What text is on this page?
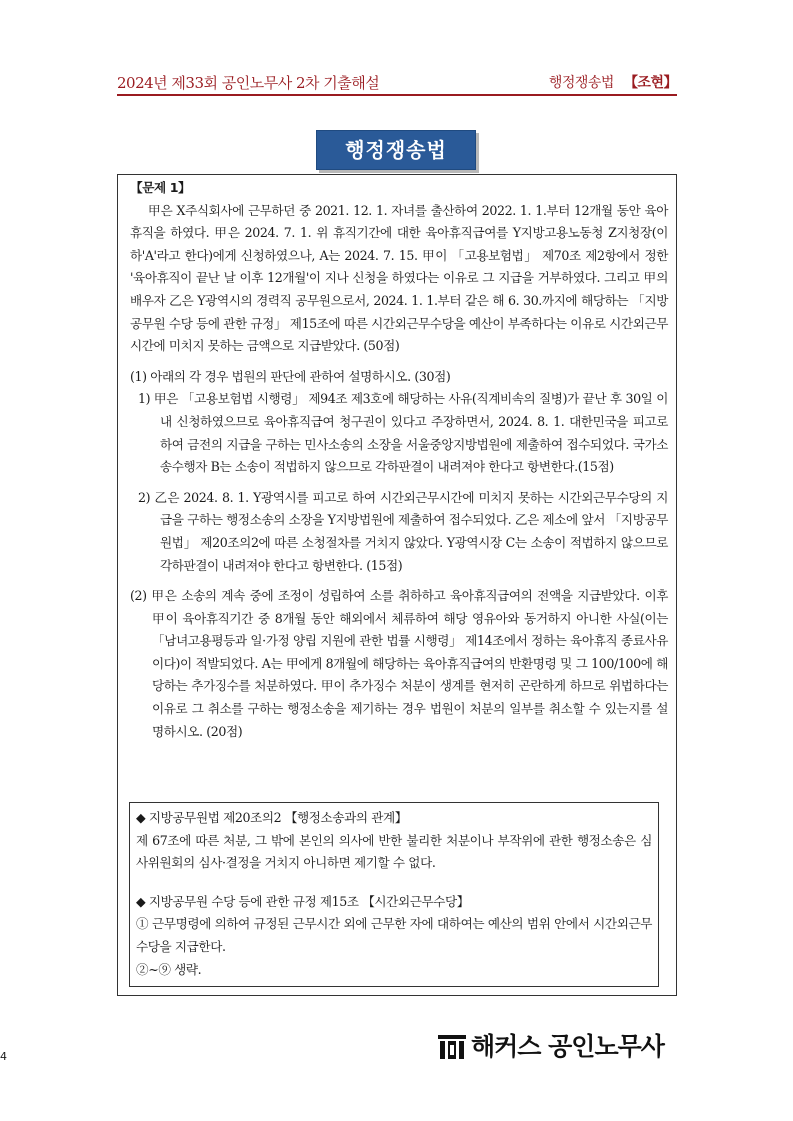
2024년 제33회 공인노무사 2차 기출해설	행정쟁송법 【조현】
행정쟁송법
【문제 1】

甲은 X주식회사에 근무하던 중 2021. 12. 1. 자녀를 출산하여 2022. 1. 1.부터 12개월 동안 육아휴직을 하였다. 甲은 2024. 7. 1. 위 휴직기간에 대한 육아휴직급여를 Y지방고용노동청 Z지청장(이하'A'라고 한다)에게 신청하였으나, A는 2024. 7. 15. 甲이 「고용보험법」 제70조 제2항에서 정한 '육아휴직이 끝난 날 이후 12개월'이 지나 신청을 하였다는 이유로 그 지급을 거부하였다. 그리고 甲의 배우자 乙은 Y광역시의 경력직 공무원으로서, 2024. 1. 1.부터 같은 해 6. 30.까지에 해당하는 「지방공무원 수당 등에 관한 규정」 제15조에 따른 시간외근무수당을 예산이 부족하다는 이유로 시간외근무시간에 미치지 못하는 금액으로 지급받았다. (50점)

(1) 아래의 각 경우 법원의 판단에 관하여 설명하시오. (30점)

1) 甲은 「고용보험법 시행령」 제94조 제3호에 해당하는 사유(직계비속의 질병)가 끝난 후 30일 이내 신청하였으므로 육아휴직급여 청구권이 있다고 주장하면서, 2024. 8. 1. 대한민국을 피고로 하여 금전의 지급을 구하는 민사소송의 소장을 서울중앙지방법원에 제출하여 접수되었다. 국가소송수행자 B는 소송이 적법하지 않으므로 각하판결이 내려져야 한다고 항변한다.(15점)

2) 乙은 2024. 8. 1. Y광역시를 피고로 하여 시간외근무시간에 미치지 못하는 시간외근무수당의 지급을 구하는 행정소송의 소장을 Y지방법원에 제출하여 접수되었다. 乙은 제소에 앞서 「지방공무원법」 제20조의2에 따른 소청절차를 거치지 않았다. Y광역시장 C는 소송이 적법하지 않으므로 각하판결이 내려져야 한다고 항변한다. (15점)

(2) 甲은 소송의 계속 중에 조정이 성립하여 소를 취하하고 육아휴직급여의 전액을 지급받았다. 이후 甲이 육아휴직기간 중 8개월 동안 해외에서 체류하여 해당 영유아와 동거하지 아니한 사실(이는 「남녀고용평등과 일·가정 양립 지원에 관한 법률 시행령」 제14조에서 정하는 육아휴직 종료사유이다)이 적발되었다. A는 甲에게 8개월에 해당하는 육아휴직급여의 반환명령 및 그 100/100에 해당하는 추가징수를 처분하였다. 甲이 추가징수 처분이 생계를 현저히 곤란하게 하므로 위법하다는 이유로 그 취소를 구하는 행정소송을 제기하는 경우 법원이 처분의 일부를 취소할 수 있는지를 설명하시오. (20점)

◆ 지방공무원법 제20조의2 【행정소송과의 관계】

제 67조에 따른 처분, 그 밖에 본인의 의사에 반한 불리한 처분이나 부작위에 관한 행정소송은 심사위원회의 심사·결정을 거치지 아니하면 제기할 수 없다.

◆ 지방공무원 수당 등에 관한 규정 제15조 【시간외근무수당】

① 근무명령에 의하여 규정된 근무시간 외에 근무한 자에 대하여는 예산의 범위 안에서 시간외근무수당을 지급한다.

②~⑨ 생략.

해커스 공인노무사
4
